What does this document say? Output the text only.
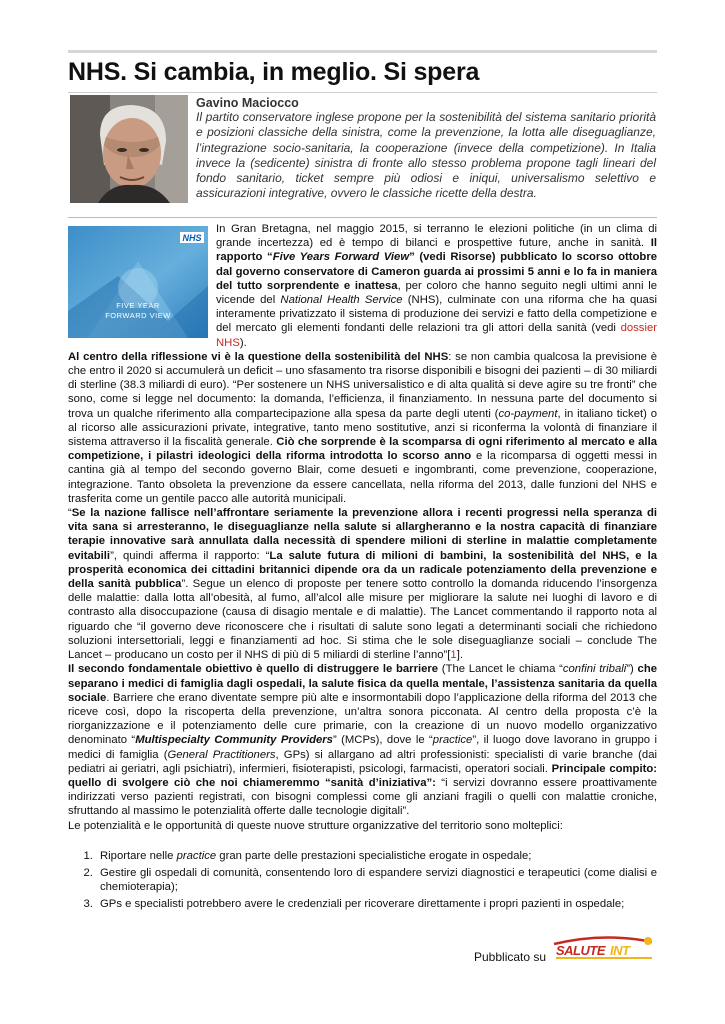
NHS. Si cambia, in meglio. Si spera

Gavino Maciocco

Il partito conservatore inglese propone per la sostenibilità del sistema sanitario priorità e posizioni classiche della sinistra, come la prevenzione, la lotta alle diseguaglianze, l’integrazione socio-sanitaria, la cooperazione (invece della competizione). In Italia invece la (sedicente) sinistra di fronte allo stesso problema propone tagli lineari del fondo sanitario, ticket sempre più odiosi e iniqui, universalismo selettivo e assicurazioni integrative, ovvero le classiche ricette della destra.

NHS
FIVE YEAR
FORWARD VIEW

In Gran Bretagna, nel maggio 2015, si terranno le elezioni politiche (in un clima di grande incertezza) ed è tempo di bilanci e prospettive future, anche in sanità. Il rapporto “Five Years Forward View” (vedi Risorse) pubblicato lo scorso ottobre dal governo conservatore di Cameron guarda ai prossimi 5 anni e lo fa in maniera del tutto sorprendente e inattesa, per coloro che hanno seguito negli ultimi anni le vicende del National Health Service (NHS), culminate con una riforma che ha quasi interamente privatizzato il sistema di produzione dei servizi e fatto della competizione e del mercato gli elementi fondanti delle relazioni tra gli attori della sanità (vedi dossier NHS).

Al centro della riflessione vi è la questione della sostenibilità del NHS: se non cambia qualcosa la previsione è che entro il 2020 si accumulerà un deficit – uno sfasamento tra risorse disponibili e bisogni dei pazienti – di 30 miliardi di sterline (38.3 miliardi di euro). “Per sostenere un NHS universalistico e di alta qualità si deve agire su tre fronti” che sono, come si legge nel documento: la domanda, l’efficienza, il finanziamento. In nessuna parte del documento si trova un qualche riferimento alla compartecipazione alla spesa da parte degli utenti (co-payment, in italiano ticket) o al ricorso alle assicurazioni private, integrative, tanto meno sostitutive, anzi si riconferma la volontà di finanziare il sistema attraverso il la fiscalità generale. Ciò che sorprende è la scomparsa di ogni riferimento al mercato e alla competizione, i pilastri ideologici della riforma introdotta lo scorso anno e la ricomparsa di oggetti messi in cantina già al tempo del secondo governo Blair, come desueti e ingombranti, come prevenzione, cooperazione, integrazione. Tanto obsoleta la prevenzione da essere cancellata, nella riforma del 2013, dalle funzioni del NHS e trasferita come un gentile pacco alle autorità municipali.

“Se la nazione fallisce nell’affrontare seriamente la prevenzione allora i recenti progressi nella speranza di vita sana si arresteranno, le diseguaglianze nella salute si allargheranno e la nostra capacità di finanziare terapie innovative sarà annullata dalla necessità di spendere milioni di sterline in malattie completamente evitabili”, quindi afferma il rapporto: “La salute futura di milioni di bambini, la sostenibilità del NHS, e la prosperità economica dei cittadini britannici dipende ora da un radicale potenziamento della prevenzione e della sanità pubblica”. Segue un elenco di proposte per tenere sotto controllo la domanda riducendo l’insorgenza delle malattie: dalla lotta all’obesità, al fumo, all’alcol alle misure per migliorare la salute nei luoghi di lavoro e di contrasto alla disoccupazione (causa di disagio mentale e di malattie). The Lancet commentando il rapporto nota al riguardo che “il governo deve riconoscere che i risultati di salute sono legati a determinanti sociali che richiedono soluzioni intersettoriali, leggi e finanziamenti ad hoc. Si stima che le sole diseguaglianze sociali – conclude The Lancet – producano un costo per il NHS di più di 5 miliardi di sterline l’anno”[1].

Il secondo fondamentale obiettivo è quello di distruggere le barriere (The Lancet le chiama “confini tribali”) che separano i medici di famiglia dagli ospedali, la salute fisica da quella mentale, l’assistenza sanitaria da quella sociale. Barriere che erano diventate sempre più alte e insormontabili dopo l’applicazione della riforma del 2013 che riceve così, dopo la riscoperta della prevenzione, un’altra sonora picconata. Al centro della proposta c’è la riorganizzazione e il potenziamento delle cure primarie, con la creazione di un nuovo modello organizzativo denominato “Multispecialty Community Providers” (MCPs), dove le “practice”, il luogo dove lavorano in gruppo i medici di famiglia (General Practitioners, GPs) si allargano ad altri professionisti: specialisti di varie branche (dai pediatri ai geriatri, agli psichiatri), infermieri, fisioterapisti, psicologi, farmacisti, operatori sociali. Principale compito: quello di svolgere ciò che noi chiameremmo “sanità d’iniziativa”: “i servizi dovranno essere proattivamente indirizzati verso pazienti registrati, con bisogni complessi come gli anziani fragili o quelli con malattie croniche, sfruttando al massimo le potenzialità offerte dalle tecnologie digitali”.

Le potenzialità e le opportunità di queste nuove strutture organizzative del territorio sono molteplici:

1. Riportare nelle practice gran parte delle prestazioni specialistiche erogate in ospedale;
2. Gestire gli ospedali di comunità, consentendo loro di espandere servizi diagnostici e terapeutici (come dialisi e chemioterapia);
3. GPs e specialisti potrebbero avere le credenziali per ricoverare direttamente i propri pazienti in ospedale;
Pubblicato su SALUTE INT
